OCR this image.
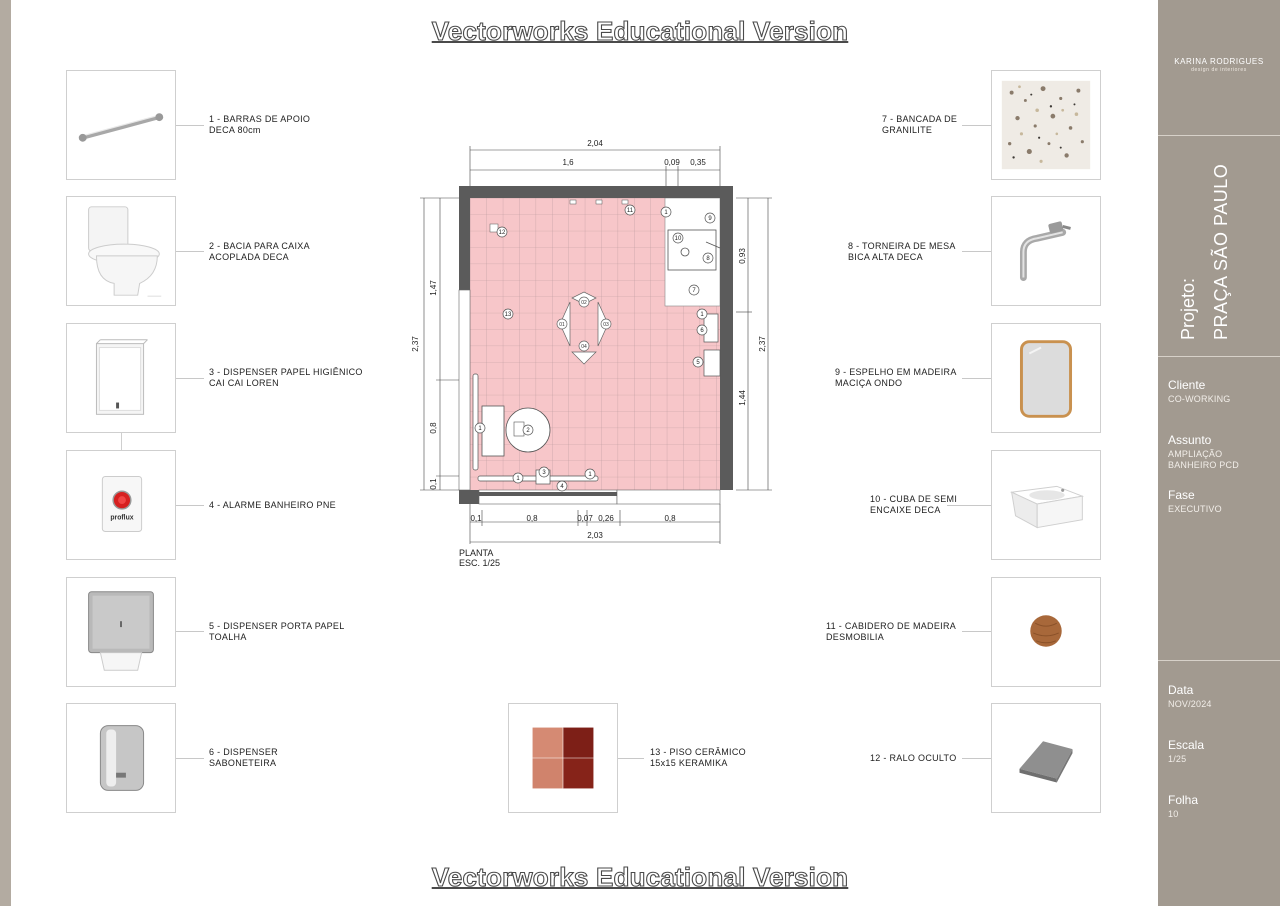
Vectorworks Educational Version
Vectorworks Educational Version
1 - BARRAS DE APOIO
DECA 80cm
2 - BACIA PARA CAIXA
ACOPLADA DECA
3 - DISPENSER PAPEL HIGIÊNICO
CAI CAI LOREN
proflux
4 - ALARME BANHEIRO PNE
5 - DISPENSER PORTA PAPEL
TOALHA
6 - DISPENSER
SABONETEIRA
13 - PISO CERÂMICO
15x15 KERAMIKA
7 - BANCADA DE
GRANILITE
8 - TORNEIRA DE MESA
BICA ALTA DECA
9 - ESPELHO EM MADEIRA
MACIÇA ONDO
10 - CUBA DE SEMI
ENCAIXE DECA
11 - CABIDERO DE MADEIRA
DESMOBILIA
12 - RALO OCULTO
02
01	03
04
12
13
1	2
3
4
1
1
11	1
10
9
8
7
1
6
5
2,04
1,6	0,09 0,35
0,1	0,8	0,07 0,26	0,8
2,03
2,37
1,47
0,8
0,1
2,37
0,93
1,44
PLANTA
ESC. 1/25
KARINA RODRIGUES
design de interiores
Cliente
CO-WORKING
Assunto
AMPLIAÇÃO
BANHEIRO PCD
Fase
EXECUTIVO
Data
NOV/2024
Escala
1/25
Folha
10
Projeto: PRAÇA SÃO PAULO
